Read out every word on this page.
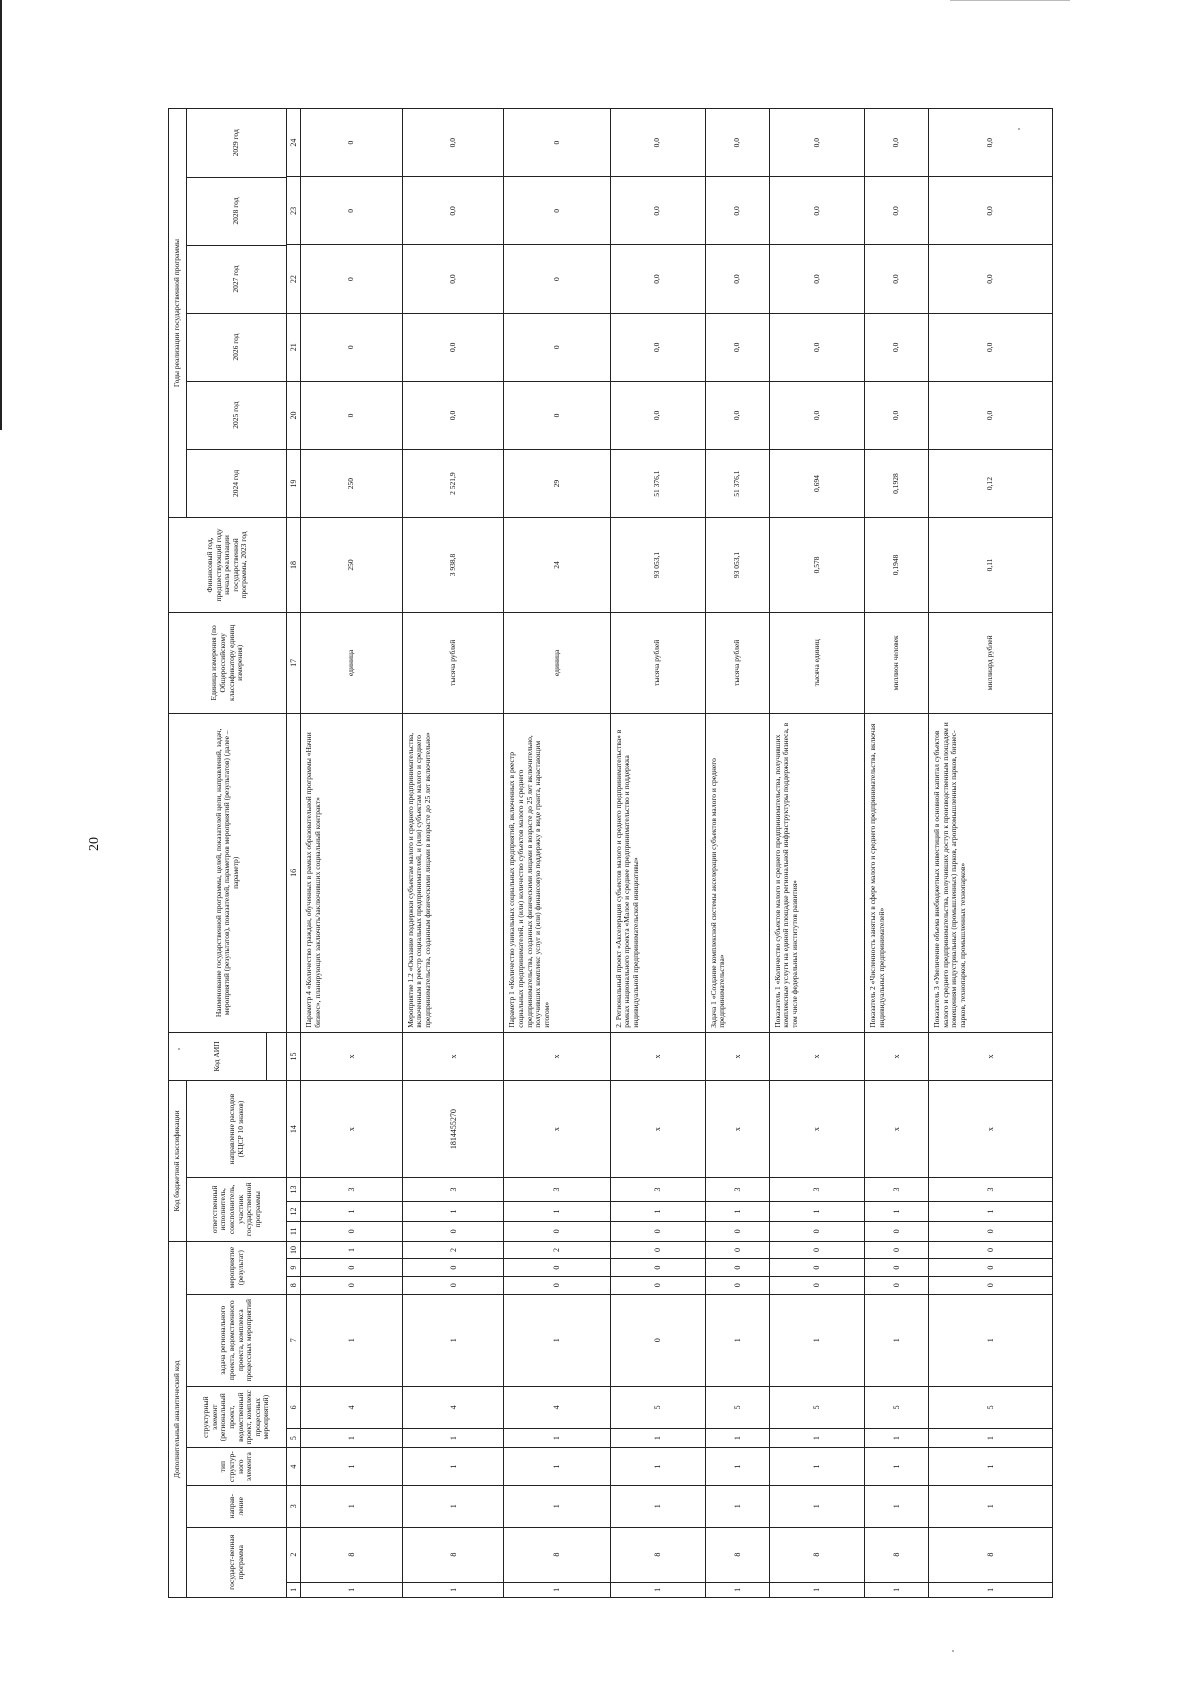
20
Дополнительный аналитический код	Код бюджетной классификации	Код АИП	Наименование государственной программы, целей, показателей цели, направлений, задач, мероприятий (результатов), показателей, параметров мероприятий (результатов) (далее – параметр)	Единица измерения (по Общероссийскому классификатору единиц измерения)	Финансовый год, предшествующий году начала реализации государственной программы, 2023 год	Годы реализации государственной программы
государст-венная программа	направ-ление	тип структур-ного элемента	структурный элемент (региональный проект, ведомственный проект, комплекс процессных мероприятий)	задача регионального проекта, ведомственного проекта, комплекса процессных мероприятий	мероприятие (результат)	ответственный исполнитель, соисполнитель, участник государственной программы	направление расходов (КЦСР 10 знаков)	
2024 год	2025 год	2026 год	2027 год	2028 год	2029 год

1	2	3	4	5	6	7	8	9	10	11	12	13	14	15	16	17	18	19	20	21	22	23	24
1	8	1	1	1	4	1	0	0	1	0	1	3	x	x	Параметр 4 «Количество граждан, обученных в рамках образовательной программы «Начни бизнес», планирующих заключить/заключивших социальный контракт»	единица	250	250	0	0	0	0	0
1	8	1	1	1	4	1	0	0	2	0	1	3	1814455270	x	Мероприятие 1.2 «Оказание поддержки субъектам малого и среднего предпринимательства, включенным в реестр социальных предпринимателей, и (или) субъектам малого и среднего предпринимательства, созданным физическими лицами в возрасте до 25 лет включительно»	тысяча рублей	3 938,8	2 521,9	0,0	0,0	0,0	0,0	0,0
1	8	1	1	1	4	1	0	0	2	0	1	3	x	x	Параметр 1 «Количество уникальных социальных предприятий, включенных в реестр социальных предпринимателей, и (или) количество субъектов малого и среднего предпринимательства, созданных физическими лицами в возрасте до 25 лет включительно, получивших комплекс услуг и (или) финансовую поддержку в виде гранта, нарастающим итогом»	единица	24	29	0	0	0	0	0
1	8	1	1	1	5	0	0	0	0	0	1	3	x	x	2. Региональный проект «Акселерация субъектов малого и среднего предпринимательства» в рамках национального проекта «Малое и среднее предпринимательство и поддержка индивидуальной предпринимательской инициативы»	тысяча рублей	93 053,1	51 376,1	0,0	0,0	0,0	0,0	0,0
1	8	1	1	1	5	1	0	0	0	0	1	3	x	x	Задача 1 «Создание комплексной системы акселерации субъектов малого и среднего предпринимательства»	тысяча рублей	93 053,1	51 376,1	0,0	0,0	0,0	0,0	0,0
1	8	1	1	1	5	1	0	0	0	0	1	3	x	x	Показатель 1 «Количество субъектов малого и среднего предпринимательства, получивших комплексные услуги на единой площадке региональной инфраструктуры поддержки бизнеса, в том числе федеральных институтов развития»	тысяча единиц	0,578	0,694	0,0	0,0	0,0	0,0	0,0
1	8	1	1	1	5	1	0	0	0	0	1	3	x	x	Показатель 2 «Численность занятых в сфере малого и среднего предпринимательства, включая индивидуальных предпринимателей»	миллион человек	0,1948	0,1928	0,0	0,0	0,0	0,0	0,0
1	8	1	1	1	5	1	0	0	0	0	1	3	x	x	Показатель 3 «Увеличение объема внебюджетных инвестиций в основной капитал субъектов малого и среднего предпринимательства, получивших доступ к производственным площадям и помещениям индустриальных (промышленных) парков, агропромышленных парков, бизнес-парков, технопарков, промышленных технопарков»	миллиард рублей	0,11	0,12	0,0	0,0	0,0	0,0	0,0
